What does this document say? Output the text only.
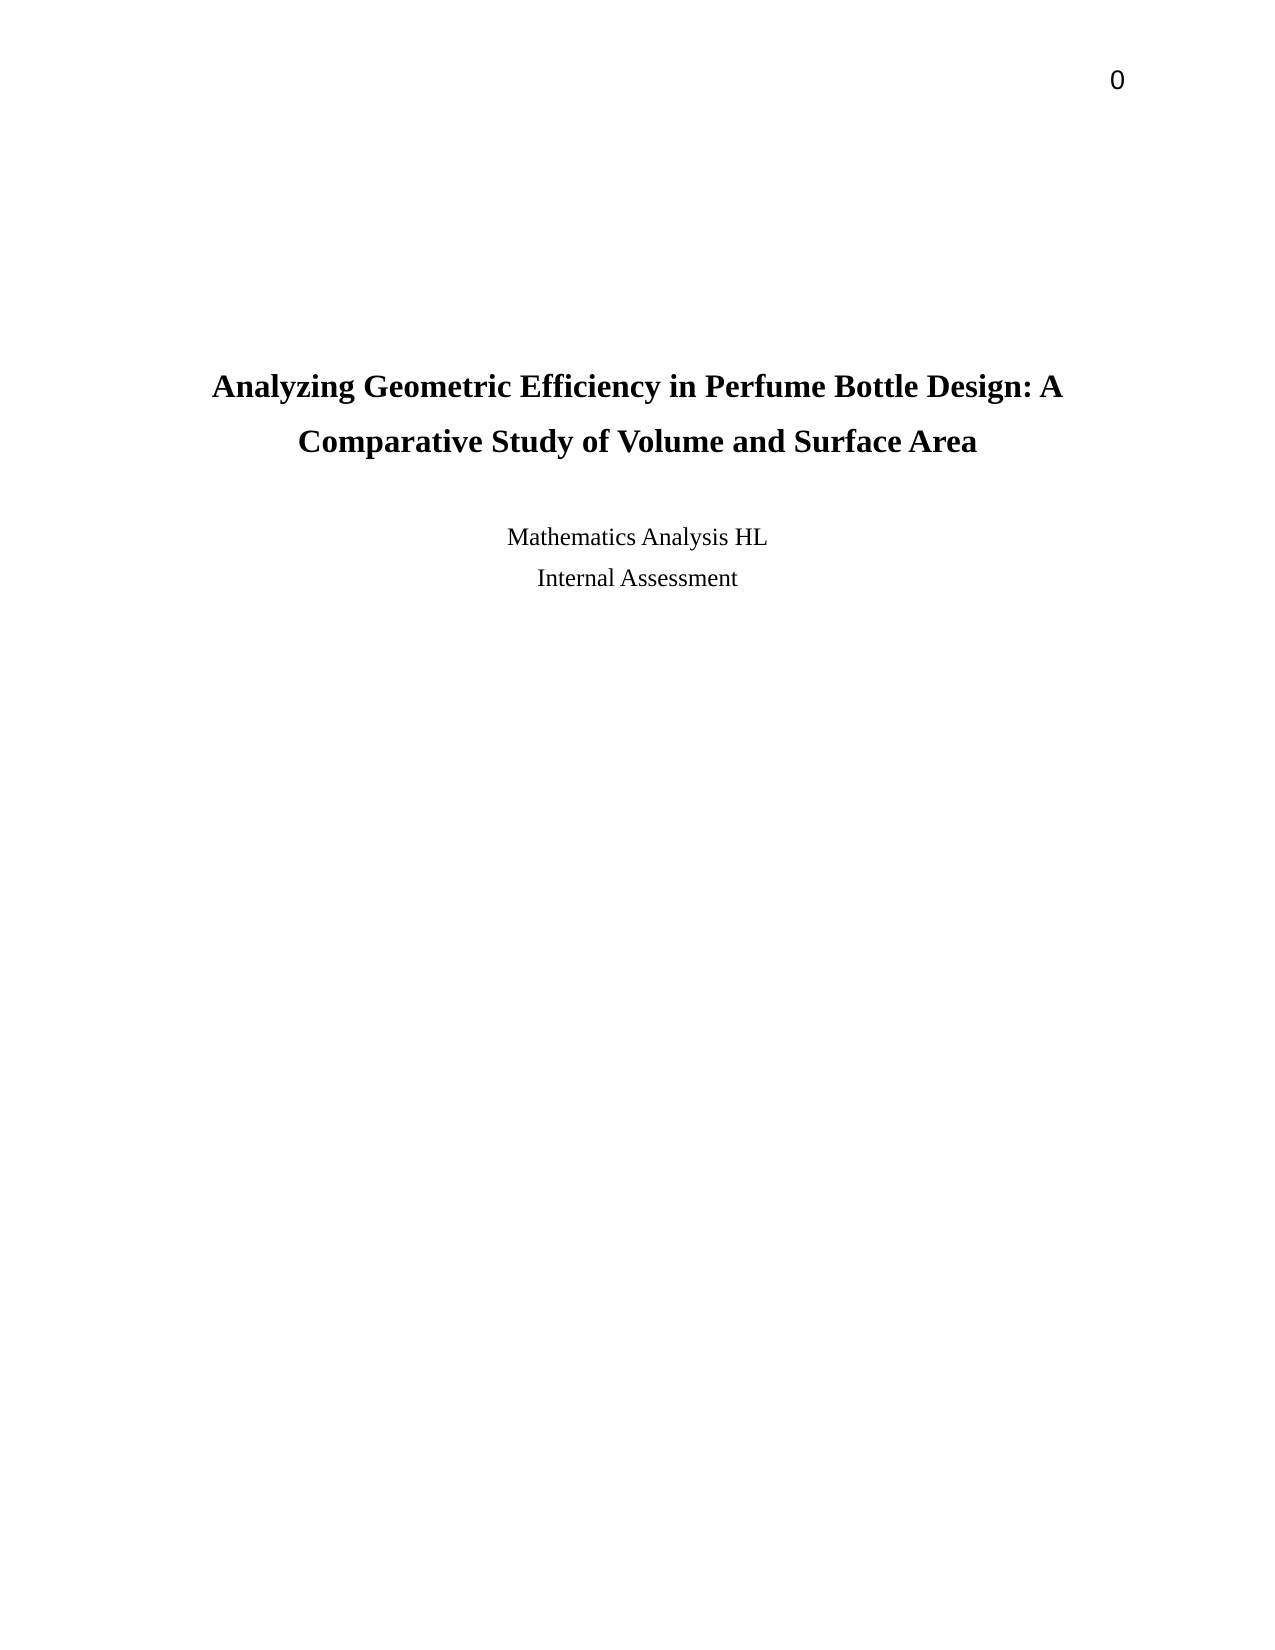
0
Analyzing Geometric Efficiency in Perfume Bottle Design: A
Comparative Study of Volume and Surface Area
Mathematics Analysis HL
Internal Assessment
